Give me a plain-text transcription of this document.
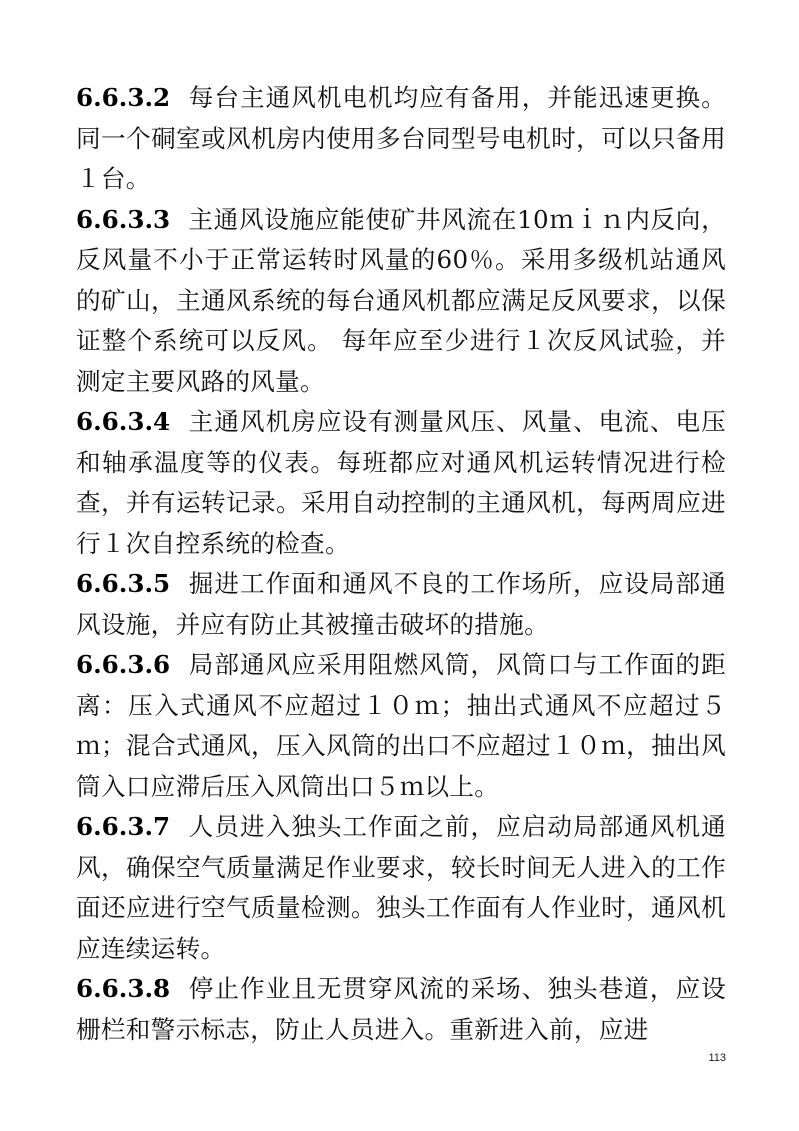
6.6.3.2 每台主通风机电机均应有备用，并能迅速更换。同一个硐室或风机房内使用多台同型号电机时，可以只备用１台。

6.6.3.3 主通风设施应能使矿井风流在10ｍｉｎ内反向，反风量不小于正常运转时风量的60％。采用多级机站通风的矿山，主通风系统的每台通风机都应满足反风要求，以保证整个系统可以反风。 每年应至少进行１次反风试验，并测定主要风路的风量。

6.6.3.4 主通风机房应设有测量风压、风量、电流、电压和轴承温度等的仪表。每班都应对通风机运转情况进行检查，并有运转记录。采用自动控制的主通风机，每两周应进行１次自控系统的检查。

6.6.3.5 掘进工作面和通风不良的工作场所，应设局部通风设施，并应有防止其被撞击破坏的措施。

6.6.3.6 局部通风应采用阻燃风筒，风筒口与工作面的距离：压入式通风不应超过１０ｍ；抽出式通风不应超过５ｍ；混合式通风，压入风筒的出口不应超过１０ｍ，抽出风筒入口应滞后压入风筒出口５ｍ以上。

6.6.3.7 人员进入独头工作面之前，应启动局部通风机通风，确保空气质量满足作业要求，较长时间无人进入的工作面还应进行空气质量检测。独头工作面有人作业时，通风机应连续运转。

6.6.3.8 停止作业且无贯穿风流的采场、独头巷道，应设栅栏和警示标志，防止人员进入。重新进入前，应进

113
